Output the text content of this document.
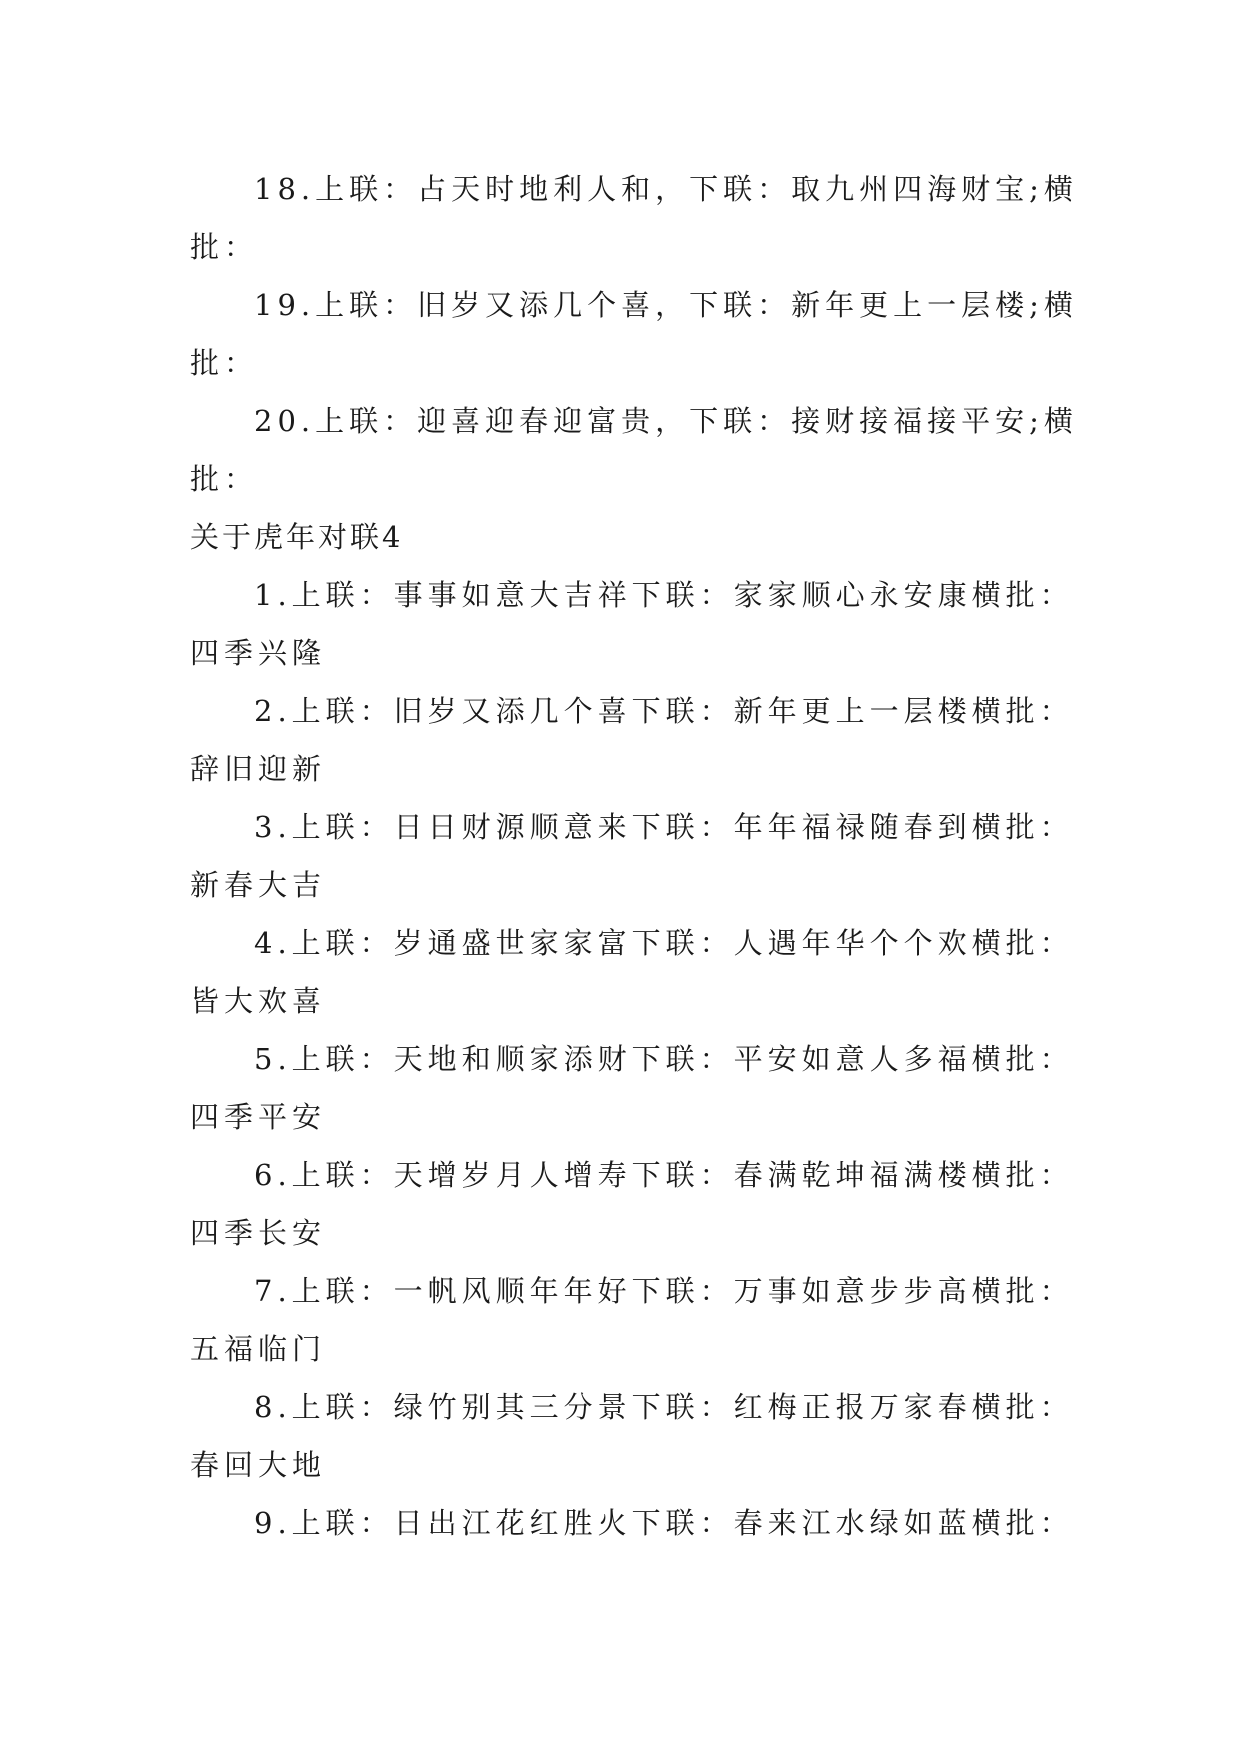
18.上联：占天时地利人和，下联：取九州四海财宝;横
批：
19.上联：旧岁又添几个喜，下联：新年更上一层楼;横
批：
20.上联：迎喜迎春迎富贵，下联：接财接福接平安;横
批：
关于虎年对联4
1.上联：事事如意大吉祥下联：家家顺心永安康横批：
四季兴隆
2.上联：旧岁又添几个喜下联：新年更上一层楼横批：
辞旧迎新
3.上联：日日财源顺意来下联：年年福禄随春到横批：
新春大吉
4.上联：岁通盛世家家富下联：人遇年华个个欢横批：
皆大欢喜
5.上联：天地和顺家添财下联：平安如意人多福横批：
四季平安
6.上联：天增岁月人增寿下联：春满乾坤福满楼横批：
四季长安
7.上联：一帆风顺年年好下联：万事如意步步高横批：
五福临门
8.上联：绿竹别其三分景下联：红梅正报万家春横批：
春回大地
9.上联：日出江花红胜火下联：春来江水绿如蓝横批：
